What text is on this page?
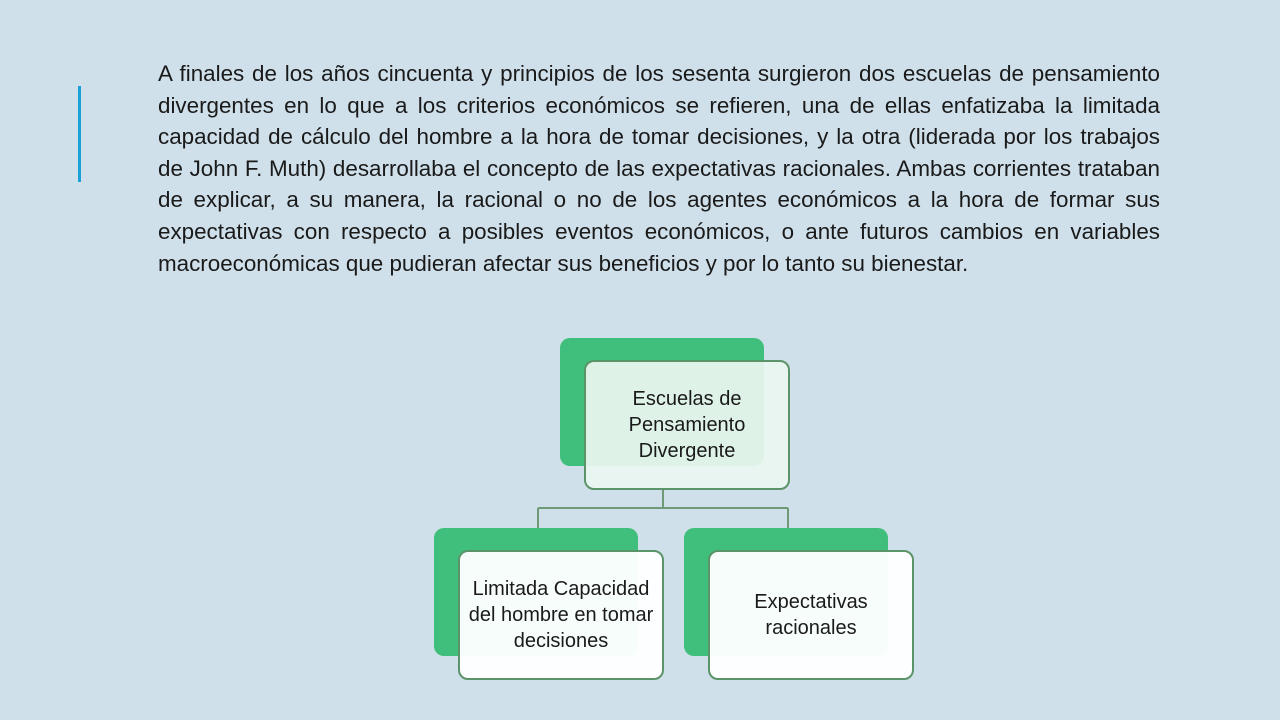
A finales de los años cincuenta y principios de los sesenta surgieron dos escuelas de pensamiento divergentes en lo que a los criterios económicos se refieren, una de ellas enfatizaba la limitada capacidad de cálculo del hombre a la hora de tomar decisiones, y la otra (liderada por los trabajos de John F. Muth) desarrollaba el concepto de las expectativas racionales. Ambas corrientes trataban de explicar, a su manera, la racional o no de los agentes económicos a la hora de formar sus expectativas con respecto a posibles eventos económicos, o ante futuros cambios en variables macroeconómicas que pudieran afectar sus beneficios y por lo tanto su bienestar.

Escuelas de Pensamiento Divergente
Limitada Capacidad del hombre en tomar decisiones
Expectativas racionales
